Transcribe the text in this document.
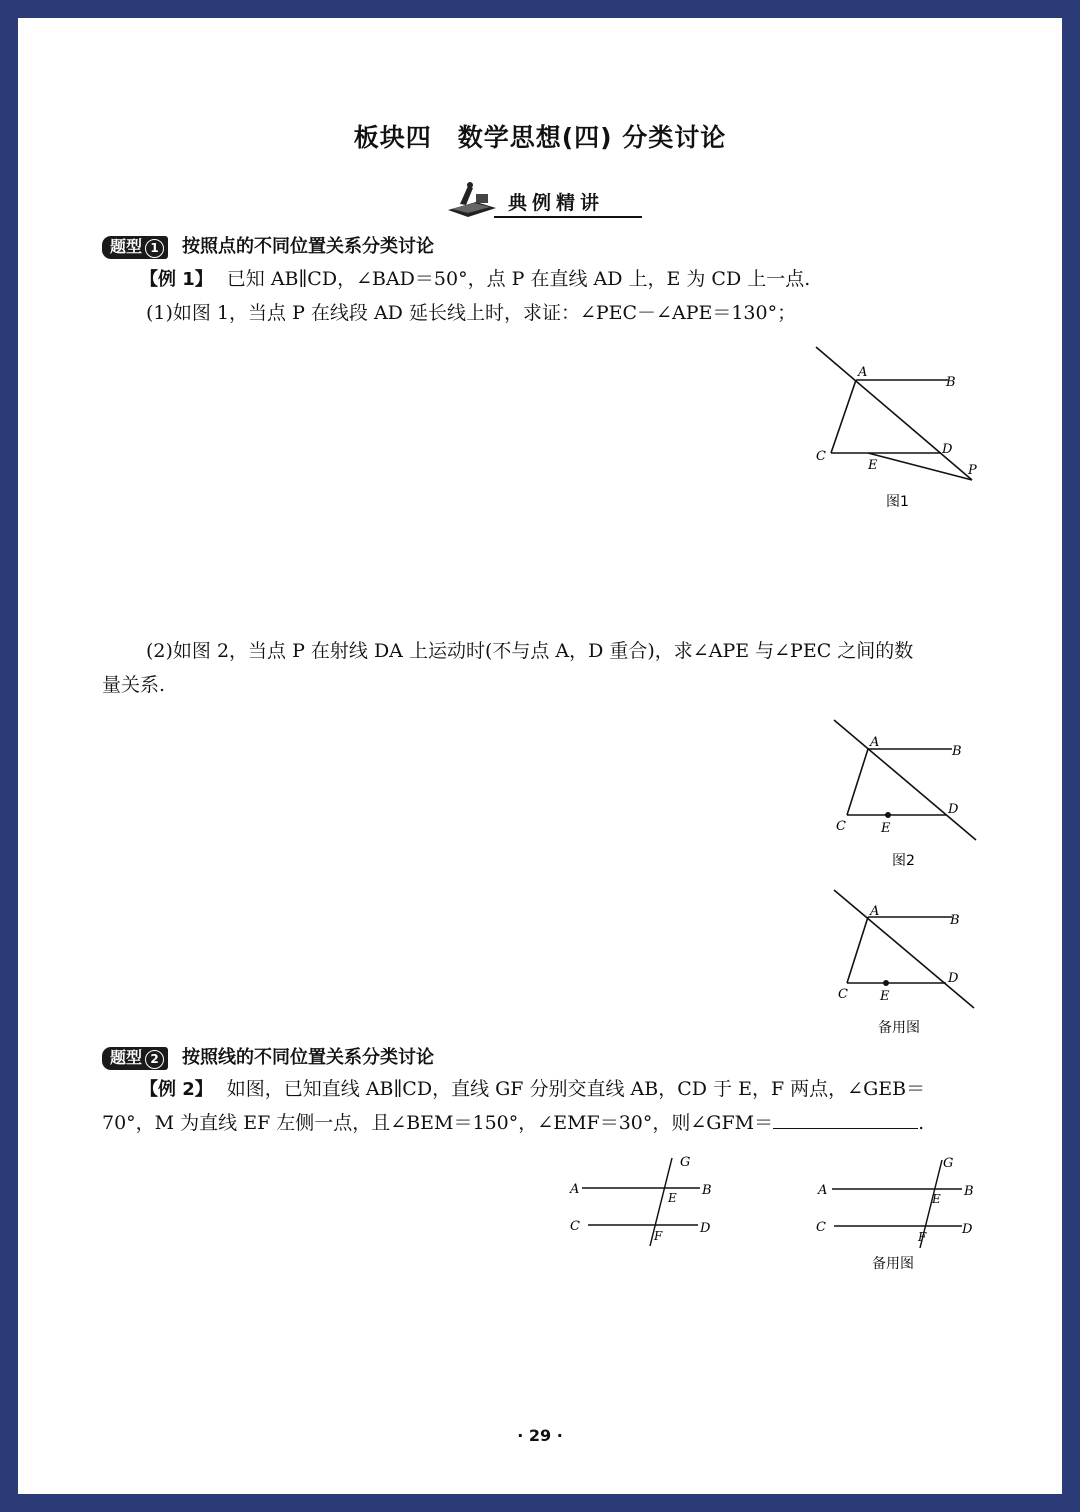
板块四　数学思想(四) 分类讨论
典例精讲
题型 1 按照点的不同位置关系分类讨论
【例 1】 已知 AB∥CD，∠BAD＝50°，点 P 在直线 AD 上，E 为 CD 上一点.
(1)如图 1，当点 P 在线段 AD 延长线上时，求证：∠PEC－∠APE＝130°；
A
B
C	D
E	P
图1
(2)如图 2，当点 P 在射线 DA 上运动时(不与点 A，D 重合)，求∠APE 与∠PEC 之间的数
量关系.
A
B
C
D
E
图2
A
B
C
D
E
备用图
题型 2 按照线的不同位置关系分类讨论
【例 2】 如图，已知直线 AB∥CD，直线 GF 分别交直线 AB，CD 于 E，F 两点，∠GEB＝
70°，M 为直线 EF 左侧一点，且∠BEM＝150°，∠EMF＝30°，则∠GFM＝	.
A	B
C	D
E
F
G
A	B
C	D
E
F
G
备用图
· 29 ·
